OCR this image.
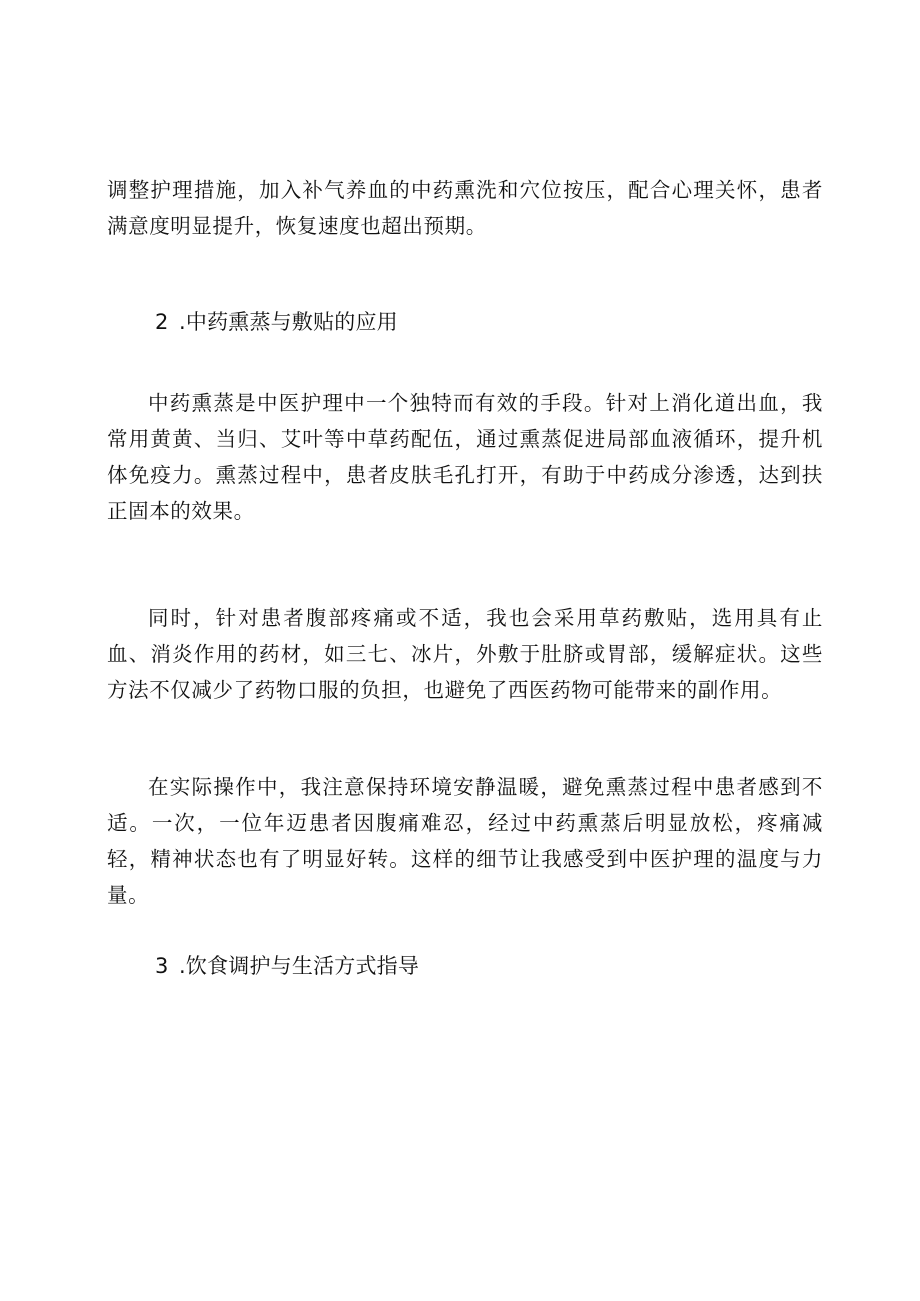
调整护理措施，加入补气养血的中药熏洗和穴位按压，配合心理关怀，患者满意度明显提升，恢复速度也超出预期。

2 .中药熏蒸与敷贴的应用

中药熏蒸是中医护理中一个独特而有效的手段。针对上消化道出血，我常用黄黄、当归、艾叶等中草药配伍，通过熏蒸促进局部血液循环，提升机体免疫力。熏蒸过程中，患者皮肤毛孔打开，有助于中药成分渗透，达到扶正固本的效果。

同时，针对患者腹部疼痛或不适，我也会采用草药敷贴，选用具有止血、消炎作用的药材，如三七、冰片，外敷于肚脐或胃部，缓解症状。这些方法不仅减少了药物口服的负担，也避免了西医药物可能带来的副作用。

在实际操作中，我注意保持环境安静温暖，避免熏蒸过程中患者感到不适。一次，一位年迈患者因腹痛难忍，经过中药熏蒸后明显放松，疼痛减轻，精神状态也有了明显好转。这样的细节让我感受到中医护理的温度与力量。

3 .饮食调护与生活方式指导
